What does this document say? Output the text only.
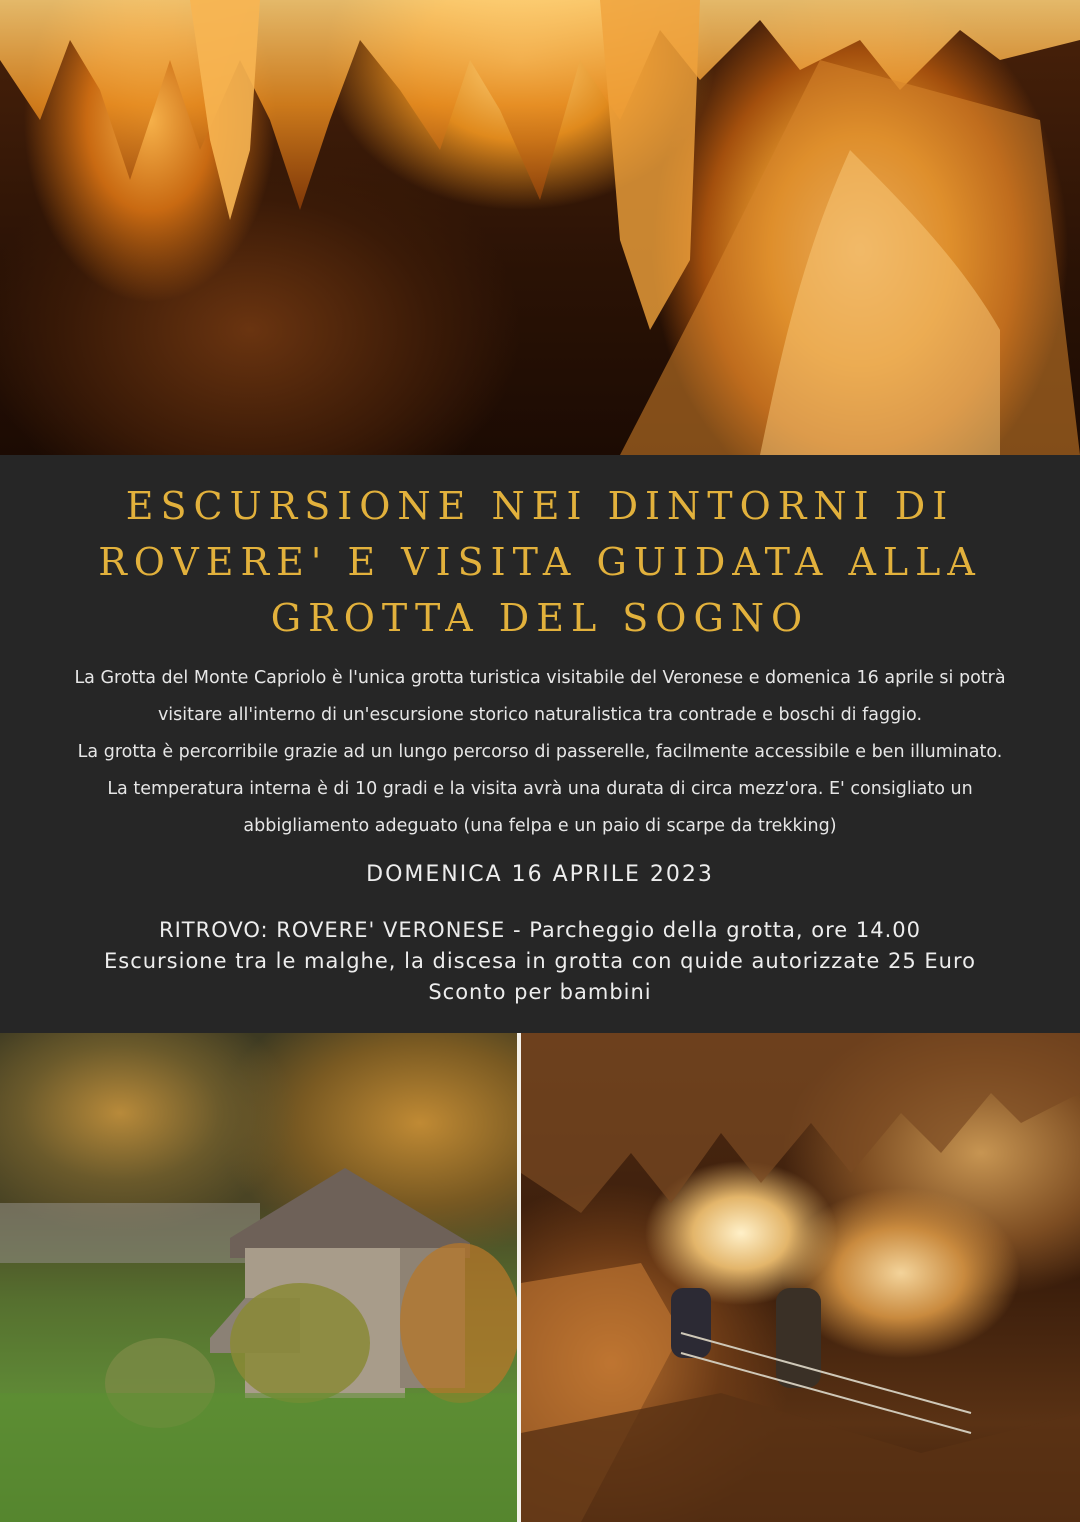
ESCURSIONE NEI DINTORNI DI
ROVERE' E VISITA GUIDATA ALLA
GROTTA DEL SOGNO
La Grotta del Monte Capriolo è l'unica grotta turistica visitabile del Veronese e domenica 16 aprile si potrà
visitare all'interno di un'escursione storico naturalistica tra contrade e boschi di faggio.
La grotta è percorribile grazie ad un lungo percorso di passerelle, facilmente accessibile e ben illuminato.
La temperatura interna è di 10 gradi e la visita avrà una durata di circa mezz'ora. E' consigliato un
abbigliamento adeguato (una felpa e un paio di scarpe da trekking)
DOMENICA 16 APRILE 2023
RITROVO: ROVERE' VERONESE - Parcheggio della grotta, ore 14.00
Escursione tra le malghe, la discesa in grotta con quide autorizzate 25 Euro
Sconto per bambini
